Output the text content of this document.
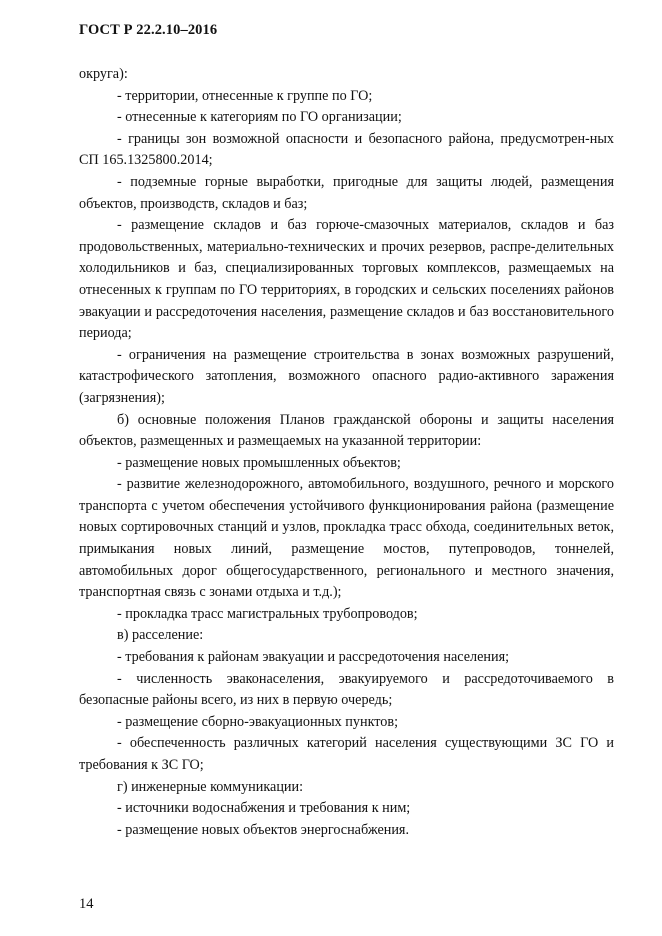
ГОСТ Р 22.2.10–2016

округа):

- территории, отнесенные к группе по ГО;

- отнесенные к категориям по ГО организации;

- границы зон возможной опасности и безопасного района, предусмотрен-ных СП 165.1325800.2014;

- подземные горные выработки, пригодные для защиты людей, размещения объектов, производств, складов и баз;

- размещение складов и баз горюче-смазочных материалов, складов и баз продовольственных, материально-технических и прочих резервов, распре-делительных холодильников и баз, специализированных торговых комплексов, размещаемых на отнесенных к группам по ГО территориях, в городских и сельских поселениях районов эвакуации и рассредоточения населения, размещение складов и баз восстановительного периода;

- ограничения на размещение строительства в зонах возможных разрушений, катастрофического затопления, возможного опасного радио-активного заражения (загрязнения);

б) основные положения Планов гражданской обороны и защиты населения объектов, размещенных и размещаемых на указанной территории:

- размещение новых промышленных объектов;

- развитие железнодорожного, автомобильного, воздушного, речного и морского транспорта с учетом обеспечения устойчивого функционирования района (размещение новых сортировочных станций и узлов, прокладка трасс обхода, соединительных веток, примыкания новых линий, размещение мостов, путепроводов, тоннелей, автомобильных дорог общегосударственного, регионального и местного значения, транспортная связь с зонами отдыха и т.д.);

- прокладка трасс магистральных трубопроводов;

в) расселение:

- требования к районам эвакуации и рассредоточения населения;

- численность эваконаселения, эвакуируемого и рассредоточиваемого в безопасные районы всего, из них в первую очередь;

- размещение сборно-эвакуационных пунктов;

- обеспеченность различных категорий населения существующими ЗС ГО и требования к ЗС ГО;

г) инженерные коммуникации:

- источники водоснабжения и требования к ним;

- размещение новых объектов энергоснабжения.

14
